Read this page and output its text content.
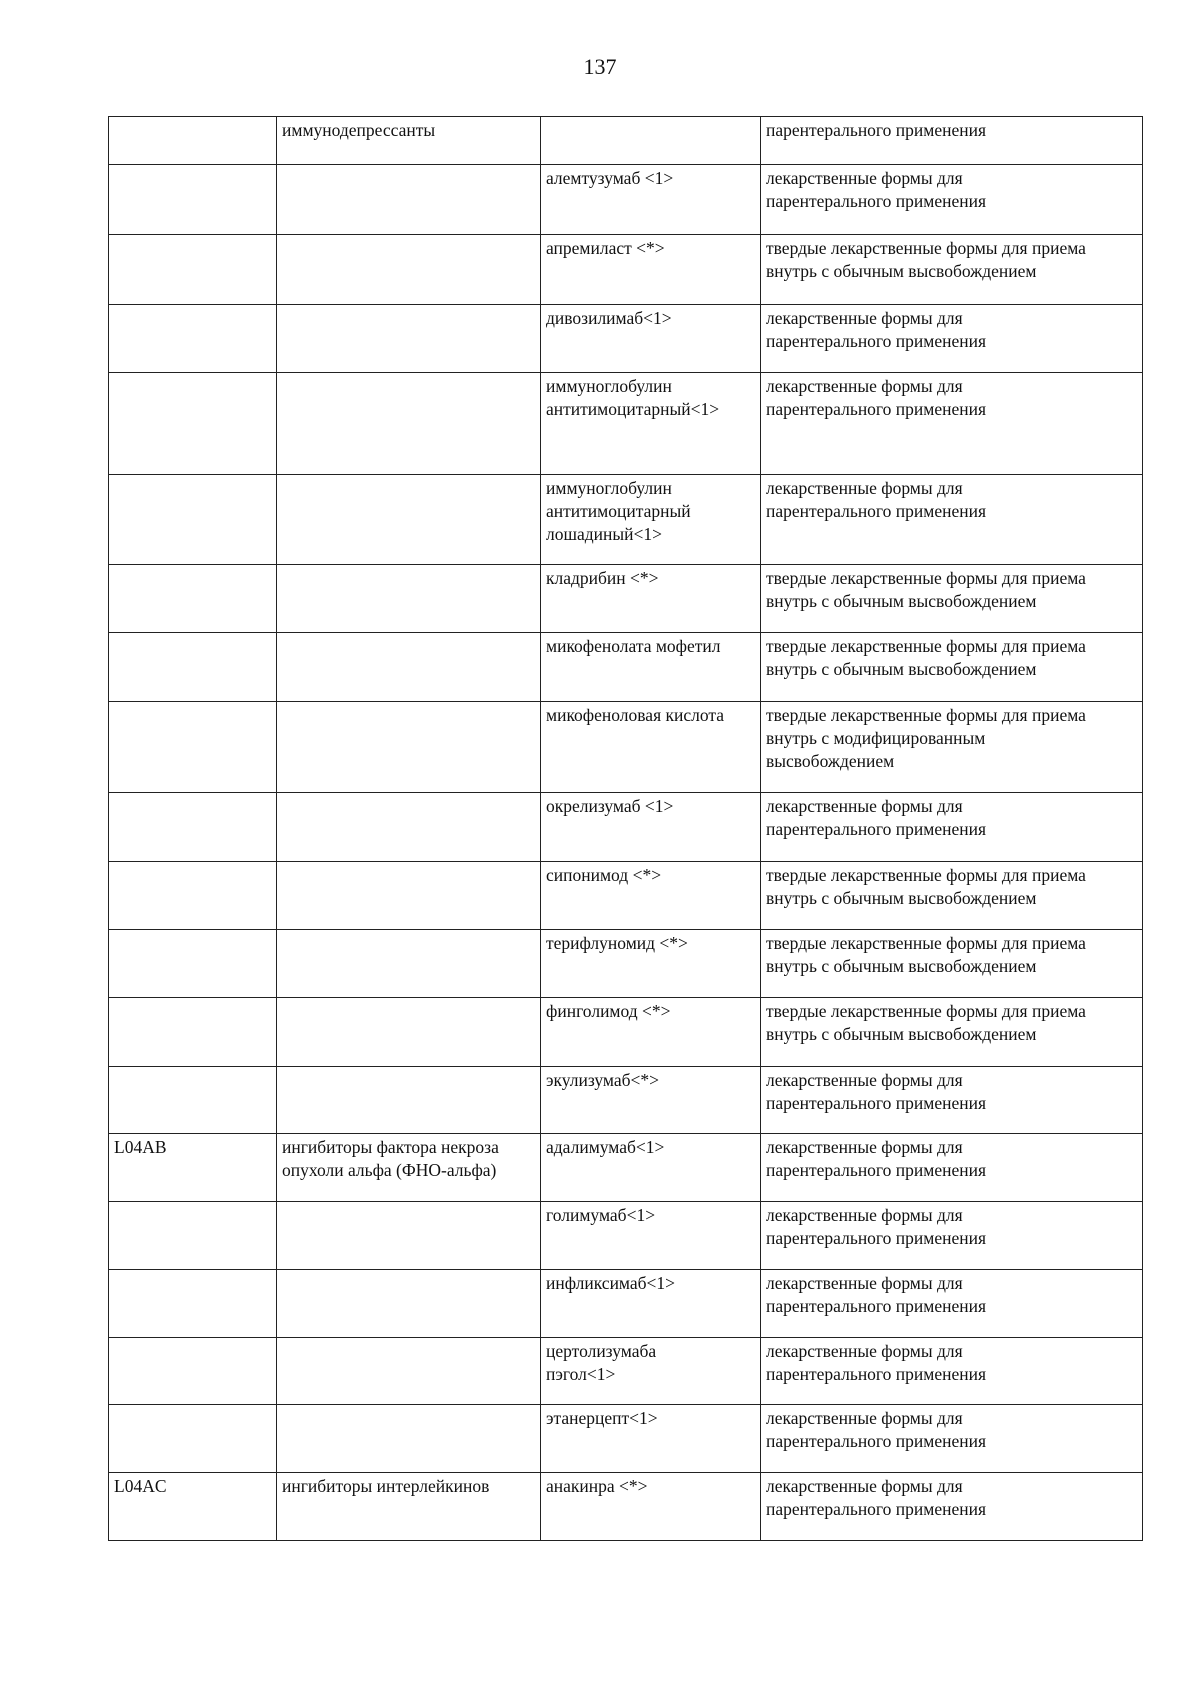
137
	иммунодепрессанты		парентерального применения
		алемтузумаб <1>	лекарственные формы для
парентерального применения
		апремиласт <*>	твердые лекарственные формы для приема
внутрь с обычным высвобождением
		дивозилимаб<1>	лекарственные формы для
парентерального применения
		иммуноглобулин
антитимоцитарный<1>	лекарственные формы для
парентерального применения
		иммуноглобулин
антитимоцитарный
лошадиный<1>	лекарственные формы для
парентерального применения
		кладрибин <*>	твердые лекарственные формы для приема
внутрь с обычным высвобождением
		микофенолата мофетил	твердые лекарственные формы для приема
внутрь с обычным высвобождением
		микофеноловая кислота	твердые лекарственные формы для приема
внутрь с модифицированным
высвобождением
		окрелизумаб <1>	лекарственные формы для
парентерального применения
		сипонимод <*>	твердые лекарственные формы для приема
внутрь с обычным высвобождением
		терифлуномид <*>	твердые лекарственные формы для приема
внутрь с обычным высвобождением
		финголимод <*>	твердые лекарственные формы для приема
внутрь с обычным высвобождением
		экулизумаб<*>	лекарственные формы для
парентерального применения
L04AB	ингибиторы фактора некроза
опухоли альфа (ФНО-альфа)	адалимумаб<1>	лекарственные формы для
парентерального применения
		голимумаб<1>	лекарственные формы для
парентерального применения
		инфликсимаб<1>	лекарственные формы для
парентерального применения
		цертолизумаба
пэгол<1>	лекарственные формы для
парентерального применения
		этанерцепт<1>	лекарственные формы для
парентерального применения
L04AC	ингибиторы интерлейкинов	анакинра <*>	лекарственные формы для
парентерального применения
